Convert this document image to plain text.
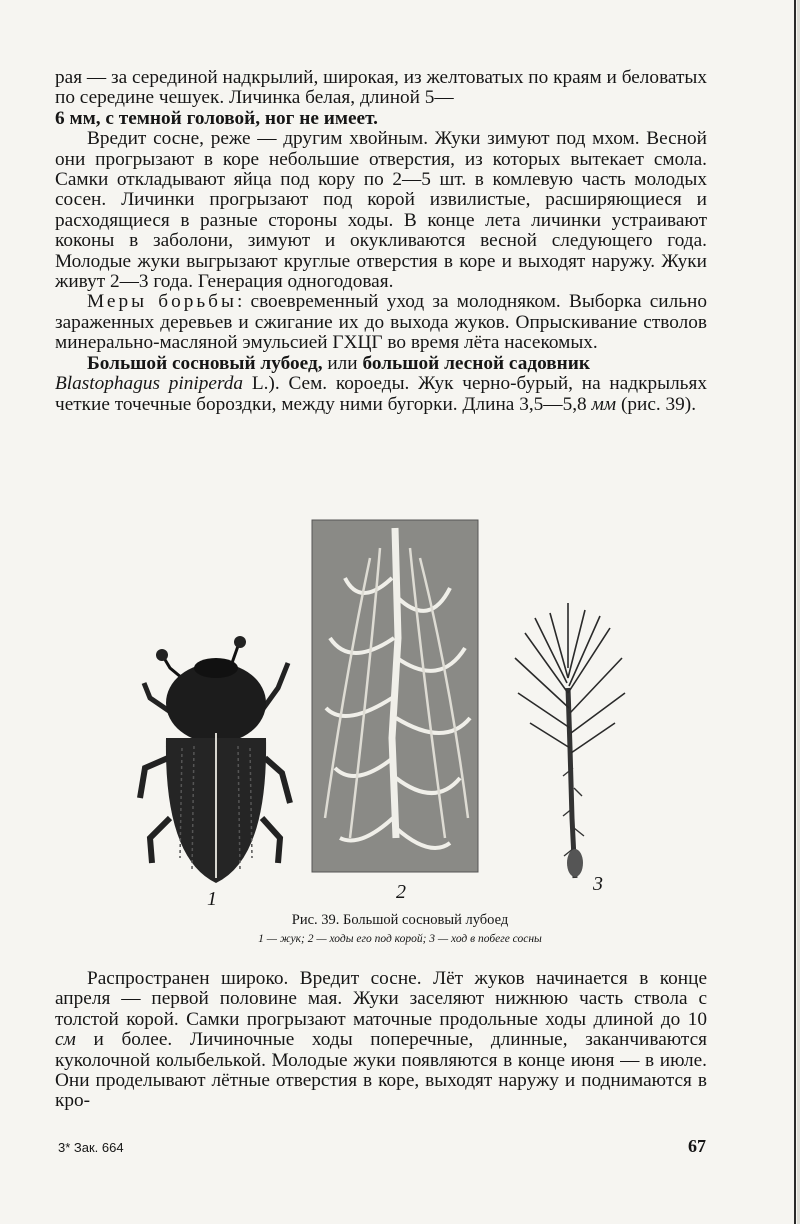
рая — за серединой надкрылий, широкая, из желтоватых по краям и беловатых по середине чешуек. Личинка белая, длиной 5—
6 мм, с темной головой, ног не имеет.

Вредит сосне, реже — другим хвойным. Жуки зимуют под мхом. Весной они прогрызают в коре небольшие отверстия, из которых вытекает смола. Самки откладывают яйца под кору по 2—5 шт. в комлевую часть молодых сосен. Личинки прогрызают под корой извилистые, расширяющиеся и расходящиеся в разные стороны ходы. В конце лета личинки устраивают коконы в заболони, зимуют и окукливаются весной следующего года. Молодые жуки выгрызают круглые отверстия в коре и выходят наружу. Жуки живут 2—3 года. Генерация одногодовая.

Меры борьбы: своевременный уход за молодняком. Выборка сильно зараженных деревьев и сжигание их до выхода жуков. Опрыскивание стволов минерально-масляной эмульсией ГХЦГ во время лёта насекомых.

Большой сосновый лубоед, или большой лесной садовник
Blastophagus piniperda L.). Сем. короеды. Жук черно-бурый, на надкрыльях четкие точечные бороздки, между ними бугорки. Длина 3,5—5,8 мм (рис. 39).

1	2	3
Рис. 39. Большой сосновый лубоед
1 — жук; 2 — ходы его под корой; 3 — ход в побеге сосны

Распространен широко. Вредит сосне. Лёт жуков начинается в конце апреля — первой половине мая. Жуки заселяют нижнюю часть ствола с толстой корой. Самки прогрызают маточные продольные ходы длиной до 10 см и более. Личиночные ходы поперечные, длинные, заканчиваются куколочной колыбелькой. Молодые жуки появляются в конце июня — в июле. Они проделывают лётные отверстия в коре, выходят наружу и поднимаются в кро-

3* Зак. 664	67
